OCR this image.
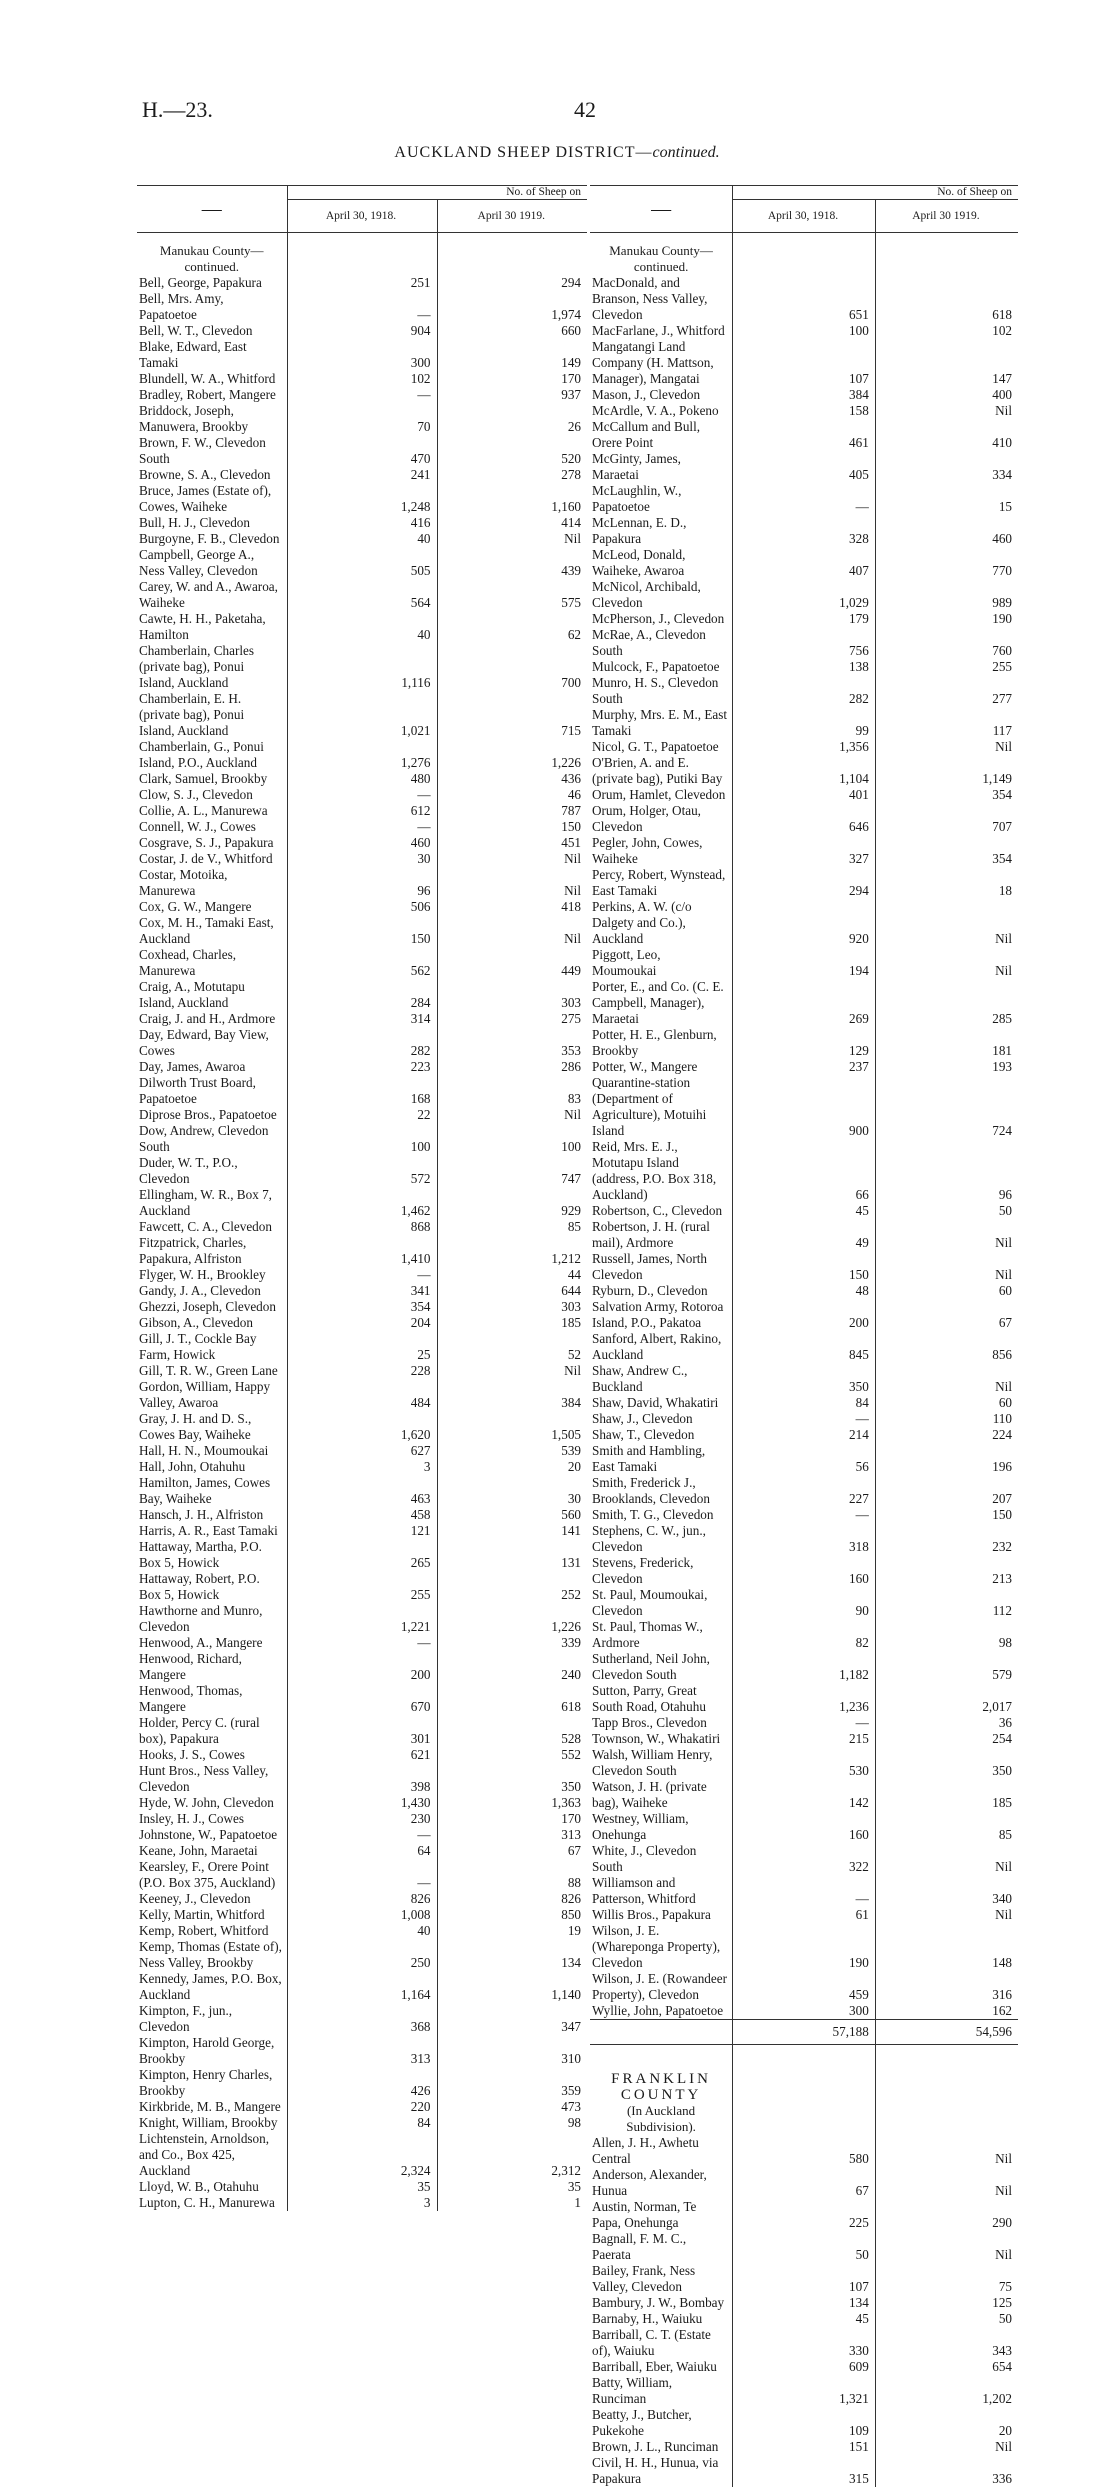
H.—23.	42
AUCKLAND SHEEP DISTRICT—continued.
—	No. of Sheep on	
	April 30, 1918.	April 30 1919.
Manukau County—continued.		
Bell, George, Papakura	251	294
Bell, Mrs. Amy, Papatoetoe	—	1,974
Bell, W. T., Clevedon	904	660
Blake, Edward, East Tamaki	300	149
Blundell, W. A., Whitford	102	170
Bradley, Robert, Mangere	—	937
Briddock, Joseph, Manuwera, Brookby	70	26
Brown, F. W., Clevedon South	470	520
Browne, S. A., Clevedon	241	278
Bruce, James (Estate of), Cowes, Waiheke	1,248	1,160
Bull, H. J., Clevedon	416	414
Burgoyne, F. B., Clevedon	40	Nil
Campbell, George A., Ness Valley, Clevedon	505	439
Carey, W. and A., Awaroa, Waiheke	564	575
Cawte, H. H., Paketaha, Hamilton	40	62
Chamberlain, Charles (private bag), Ponui Island, Auckland	1,116	700
Chamberlain, E. H. (private bag), Ponui Island, Auckland	1,021	715
Chamberlain, G., Ponui Island, P.O., Auckland	1,276	1,226
Clark, Samuel, Brookby	480	436
Clow, S. J., Clevedon	—	46
Collie, A. L., Manurewa	612	787
Connell, W. J., Cowes	—	150
Cosgrave, S. J., Papakura	460	451
Costar, J. de V., Whitford	30	Nil
Costar, Motoika, Manurewa	96	Nil
Cox, G. W., Mangere	506	418
Cox, M. H., Tamaki East, Auckland	150	Nil
Coxhead, Charles, Manurewa	562	449
Craig, A., Motutapu Island, Auckland	284	303
Craig, J. and H., Ardmore	314	275
Day, Edward, Bay View, Cowes	282	353
Day, James, Awaroa	223	286
Dilworth Trust Board, Papatoetoe	168	83
Diprose Bros., Papatoetoe	22	Nil
Dow, Andrew, Clevedon South	100	100
Duder, W. T., P.O., Clevedon	572	747
Ellingham, W. R., Box 7, Auckland	1,462	929
Fawcett, C. A., Clevedon	868	85
Fitzpatrick, Charles, Papakura, Alfriston	1,410	1,212
Flyger, W. H., Brookley	—	44
Gandy, J. A., Clevedon	341	644
Ghezzi, Joseph, Clevedon	354	303
Gibson, A., Clevedon	204	185
Gill, J. T., Cockle Bay Farm, Howick	25	52
Gill, T. R. W., Green Lane	228	Nil
Gordon, William, Happy Valley, Awaroa	484	384
Gray, J. H. and D. S., Cowes Bay, Waiheke	1,620	1,505
Hall, H. N., Moumoukai	627	539
Hall, John, Otahuhu	3	20
Hamilton, James, Cowes Bay, Waiheke	463	30
Hansch, J. H., Alfriston	458	560
Harris, A. R., East Tamaki	121	141
Hattaway, Martha, P.O. Box 5, Howick	265	131
Hattaway, Robert, P.O. Box 5, Howick	255	252
Hawthorne and Munro, Clevedon	1,221	1,226
Henwood, A., Mangere	—	339
Henwood, Richard, Mangere	200	240
Henwood, Thomas, Mangere	670	618
Holder, Percy C. (rural box), Papakura	301	528
Hooks, J. S., Cowes	621	552
Hunt Bros., Ness Valley, Clevedon	398	350
Hyde, W. John, Clevedon	1,430	1,363
Insley, H. J., Cowes	230	170
Johnstone, W., Papatoetoe	—	313
Keane, John, Maraetai	64	67
Kearsley, F., Orere Point (P.O. Box 375, Auckland)	—	88
Keeney, J., Clevedon	826	826
Kelly, Martin, Whitford	1,008	850
Kemp, Robert, Whitford	40	19
Kemp, Thomas (Estate of), Ness Valley, Brookby	250	134
Kennedy, James, P.O. Box, Auckland	1,164	1,140
Kimpton, F., jun., Clevedon	368	347
Kimpton, Harold George, Brookby	313	310
Kimpton, Henry Charles, Brookby	426	359
Kirkbride, M. B., Mangere	220	473
Knight, William, Brookby	84	98
Lichtenstein, Arnoldson, and Co., Box 425, Auckland	2,324	2,312
Lloyd, W. B., Otahuhu	35	35
Lupton, C. H., Manurewa	3	1
—	No. of Sheep on	
	April 30, 1918.	April 30 1919.
Manukau County—continued.		
MacDonald, and Branson, Ness Valley, Clevedon	651	618
MacFarlane, J., Whitford	100	102
Mangatangi Land Company (H. Mattson, Manager), Mangatai	107	147
Mason, J., Clevedon	384	400
McArdle, V. A., Pokeno	158	Nil
McCallum and Bull, Orere Point	461	410
McGinty, James, Maraetai	405	334
McLaughlin, W., Papatoetoe	—	15
McLennan, E. D., Papakura	328	460
McLeod, Donald, Waiheke, Awaroa	407	770
McNicol, Archibald, Clevedon	1,029	989
McPherson, J., Clevedon	179	190
McRae, A., Clevedon South	756	760
Mulcock, F., Papatoetoe	138	255
Munro, H. S., Clevedon South	282	277
Murphy, Mrs. E. M., East Tamaki	99	117
Nicol, G. T., Papatoetoe	1,356	Nil
O'Brien, A. and E. (private bag), Putiki Bay	1,104	1,149
Orum, Hamlet, Clevedon	401	354
Orum, Holger, Otau, Clevedon	646	707
Pegler, John, Cowes, Waiheke	327	354
Percy, Robert, Wynstead, East Tamaki	294	18
Perkins, A. W. (c/o Dalgety and Co.), Auckland	920	Nil
Piggott, Leo, Moumoukai	194	Nil
Porter, E., and Co. (C. E. Campbell, Manager), Maraetai	269	285
Potter, H. E., Glenburn, Brookby	129	181
Potter, W., Mangere	237	193
Quarantine-station (Department of Agriculture), Motuihi Island	900	724
Reid, Mrs. E. J., Motutapu Island (address, P.O. Box 318, Auckland)	66	96
Robertson, C., Clevedon	45	50
Robertson, J. H. (rural mail), Ardmore	49	Nil
Russell, James, North Clevedon	150	Nil
Ryburn, D., Clevedon	48	60
Salvation Army, Rotoroa Island, P.O., Pakatoa	200	67
Sanford, Albert, Rakino, Auckland	845	856
Shaw, Andrew C., Buckland	350	Nil
Shaw, David, Whakatiri	84	60
Shaw, J., Clevedon	—	110
Shaw, T., Clevedon	214	224
Smith and Hambling, East Tamaki	56	196
Smith, Frederick J., Brooklands, Clevedon	227	207
Smith, T. G., Clevedon	—	150
Stephens, C. W., jun., Clevedon	318	232
Stevens, Frederick, Clevedon	160	213
St. Paul, Moumoukai, Clevedon	90	112
St. Paul, Thomas W., Ardmore	82	98
Sutherland, Neil John, Clevedon South	1,182	579
Sutton, Parry, Great South Road, Otahuhu	1,236	2,017
Tapp Bros., Clevedon	—	36
Townson, W., Whakatiri	215	254
Walsh, William Henry, Clevedon South	530	350
Watson, J. H. (private bag), Waiheke	142	185
Westney, William, Onehunga	160	85
White, J., Clevedon South	322	Nil
Williamson and Patterson, Whitford	—	340
Willis Bros., Papakura	61	Nil
Wilson, J. E. (Whareponga Property), Clevedon	190	148
Wilson, J. E. (Rowandeer Property), Clevedon	459	316
Wyllie, John, Papatoetoe	300	162
	57,188	54,596
FRANKLIN COUNTY		
(In Auckland Subdivision).		
Allen, J. H., Awhetu Central	580	Nil
Anderson, Alexander, Hunua	67	Nil
Austin, Norman, Te Papa, Onehunga	225	290
Bagnall, F. M. C., Paerata	50	Nil
Bailey, Frank, Ness Valley, Clevedon	107	75
Bambury, J. W., Bombay	134	125
Barnaby, H., Waiuku	45	50
Barriball, C. T. (Estate of), Waiuku	330	343
Barriball, Eber, Waiuku	609	654
Batty, William, Runciman	1,321	1,202
Beatty, J., Butcher, Pukekohe	109	20
Brown, J. L., Runciman	151	Nil
Civil, H. H., Hunua, via Papakura	315	336
